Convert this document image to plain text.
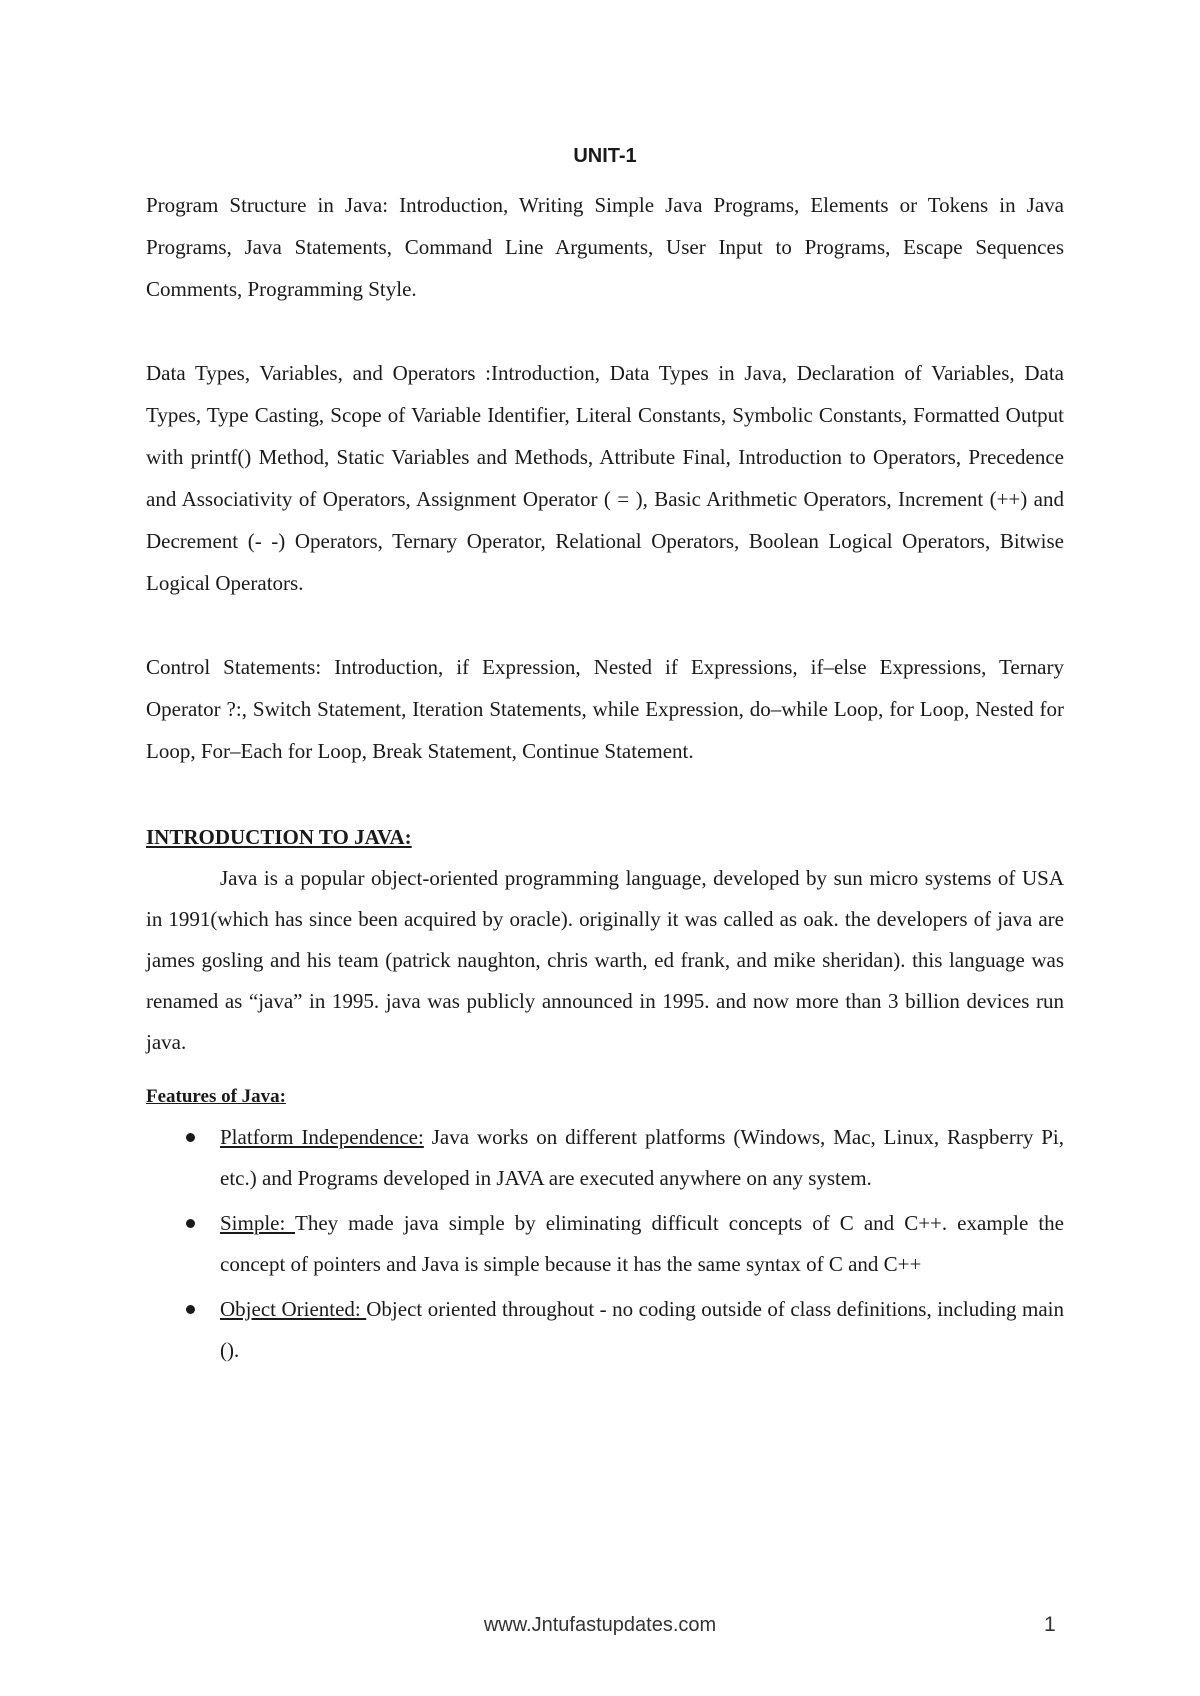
UNIT-1

Program Structure in Java: Introduction, Writing Simple Java Programs, Elements or Tokens in Java Programs, Java Statements, Command Line Arguments, User Input to Programs, Escape Sequences Comments, Programming Style.

Data Types, Variables, and Operators :Introduction, Data Types in Java, Declaration of Variables, Data Types, Type Casting, Scope of Variable Identifier, Literal Constants, Symbolic Constants, Formatted Output with printf() Method, Static Variables and Methods, Attribute Final, Introduction to Operators, Precedence and Associativity of Operators, Assignment Operator ( = ), Basic Arithmetic Operators, Increment (++) and Decrement (- -) Operators, Ternary Operator, Relational Operators, Boolean Logical Operators, Bitwise Logical Operators.

Control Statements: Introduction, if Expression, Nested if Expressions, if–else Expressions, Ternary Operator ?:, Switch Statement, Iteration Statements, while Expression, do–while Loop, for Loop, Nested for Loop, For–Each for Loop, Break Statement, Continue Statement.

INTRODUCTION TO JAVA:

Java is a popular object-oriented programming language, developed by sun micro systems of USA in 1991(which has since been acquired by oracle). originally it was called as oak. the developers of java are james gosling and his team (patrick naughton, chris warth, ed frank, and mike sheridan). this language was renamed as “java” in 1995. java was publicly announced in 1995. and now more than 3 billion devices run java.

Features of Java:
Platform Independence: Java works on different platforms (Windows, Mac, Linux, Raspberry Pi, etc.) and Programs developed in JAVA are executed anywhere on any system.
Simple: They made java simple by eliminating difficult concepts of C and C++. example the concept of pointers and Java is simple because it has the same syntax of C and C++
Object Oriented: Object oriented throughout - no coding outside of class definitions, including main ().
www.Jntufastupdates.com	1
